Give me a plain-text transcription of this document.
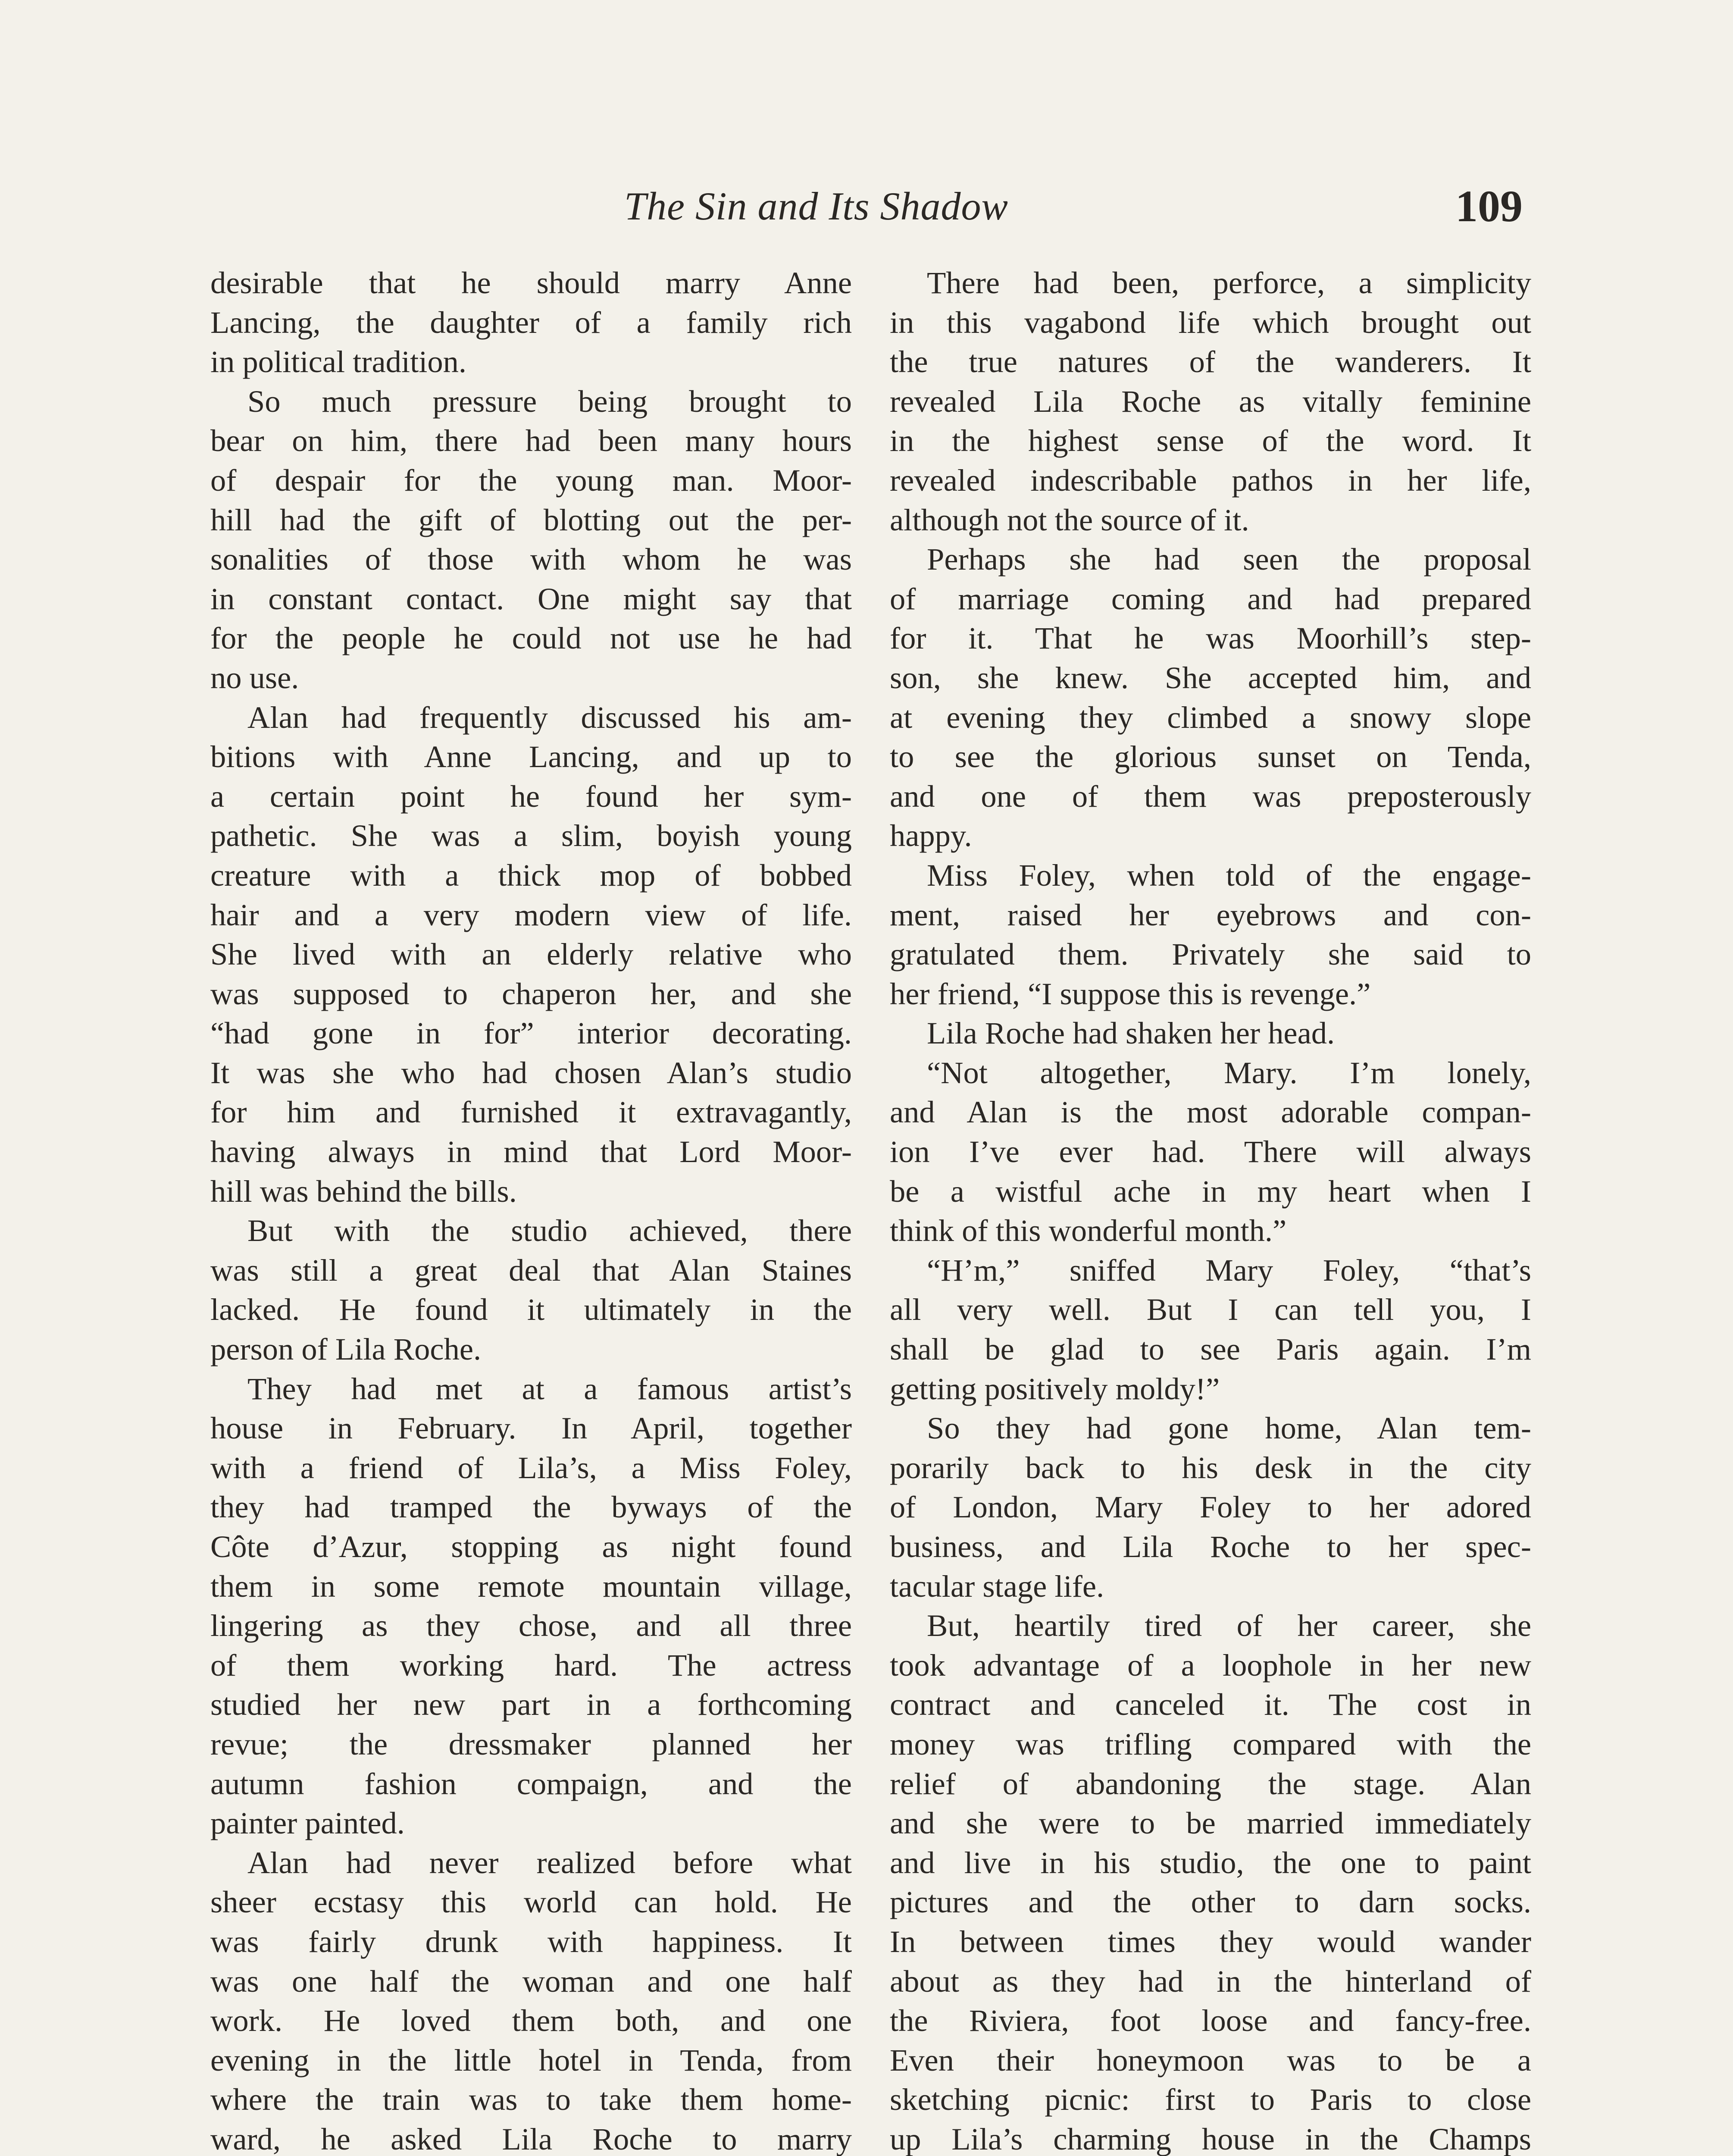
The Sin and Its Shadow	109
desirable that he should marry Anne
Lancing, the daughter of a family rich
in political tradition.
So much pressure being brought to
bear on him, there had been many hours
of despair for the young man. Moor-
hill had the gift of blotting out the per-
sonalities of those with whom he was
in constant contact. One might say that
for the people he could not use he had
no use.
Alan had frequently discussed his am-
bitions with Anne Lancing, and up to
a certain point he found her sym-
pathetic. She was a slim, boyish young
creature with a thick mop of bobbed
hair and a very modern view of life.
She lived with an elderly relative who
was supposed to chaperon her, and she
“had gone in for” interior decorating.
It was she who had chosen Alan’s studio
for him and furnished it extravagantly,
having always in mind that Lord Moor-
hill was behind the bills.
But with the studio achieved, there
was still a great deal that Alan Staines
lacked. He found it ultimately in the
person of Lila Roche.
They had met at a famous artist’s
house in February. In April, together
with a friend of Lila’s, a Miss Foley,
they had tramped the byways of the
Côte d’Azur, stopping as night found
them in some remote mountain village,
lingering as they chose, and all three
of them working hard. The actress
studied her new part in a forthcoming
revue; the dressmaker planned her
autumn fashion compaign, and the
painter painted.
Alan had never realized before what
sheer ecstasy this world can hold. He
was fairly drunk with happiness. It
was one half the woman and one half
work. He loved them both, and one
evening in the little hotel in Tenda, from
where the train was to take them home-
ward, he asked Lila Roche to marry
There had been, perforce, a simplicity
in this vagabond life which brought out
the true natures of the wanderers. It
revealed Lila Roche as vitally feminine
in the highest sense of the word. It
revealed indescribable pathos in her life,
although not the source of it.
Perhaps she had seen the proposal
of marriage coming and had prepared
for it. That he was Moorhill’s step-
son, she knew. She accepted him, and
at evening they climbed a snowy slope
to see the glorious sunset on Tenda,
and one of them was preposterously
happy.
Miss Foley, when told of the engage-
ment, raised her eyebrows and con-
gratulated them. Privately she said to
her friend, “I suppose this is revenge.”
Lila Roche had shaken her head.
“Not altogether, Mary. I’m lonely,
and Alan is the most adorable compan-
ion I’ve ever had. There will always
be a wistful ache in my heart when I
think of this wonderful month.”
“H’m,” sniffed Mary Foley, “that’s
all very well. But I can tell you, I
shall be glad to see Paris again. I’m
getting positively moldy!”
So they had gone home, Alan tem-
porarily back to his desk in the city
of London, Mary Foley to her adored
business, and Lila Roche to her spec-
tacular stage life.
But, heartily tired of her career, she
took advantage of a loophole in her new
contract and canceled it. The cost in
money was trifling compared with the
relief of abandoning the stage. Alan
and she were to be married immediately
and live in his studio, the one to paint
pictures and the other to darn socks.
In between times they would wander
about as they had in the hinterland of
the Riviera, foot loose and fancy-free.
Even their honeymoon was to be a
sketching picnic: first to Paris to close
up Lila’s charming house in the Champs
